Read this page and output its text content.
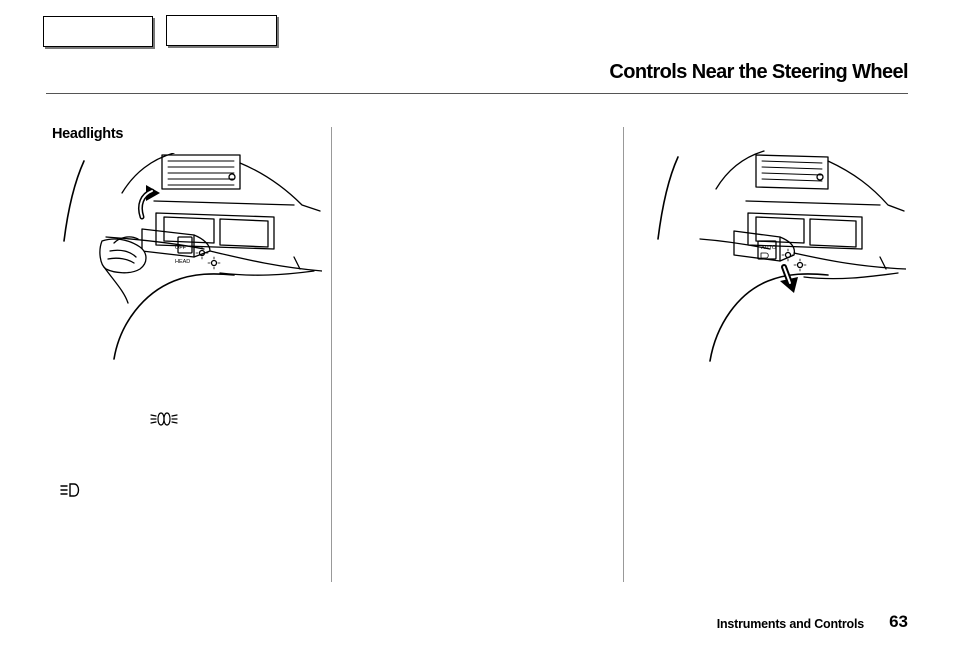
Controls Near the Steering Wheel
Headlights
OFF
HEAD
AUTO
Instruments and Controls 63
